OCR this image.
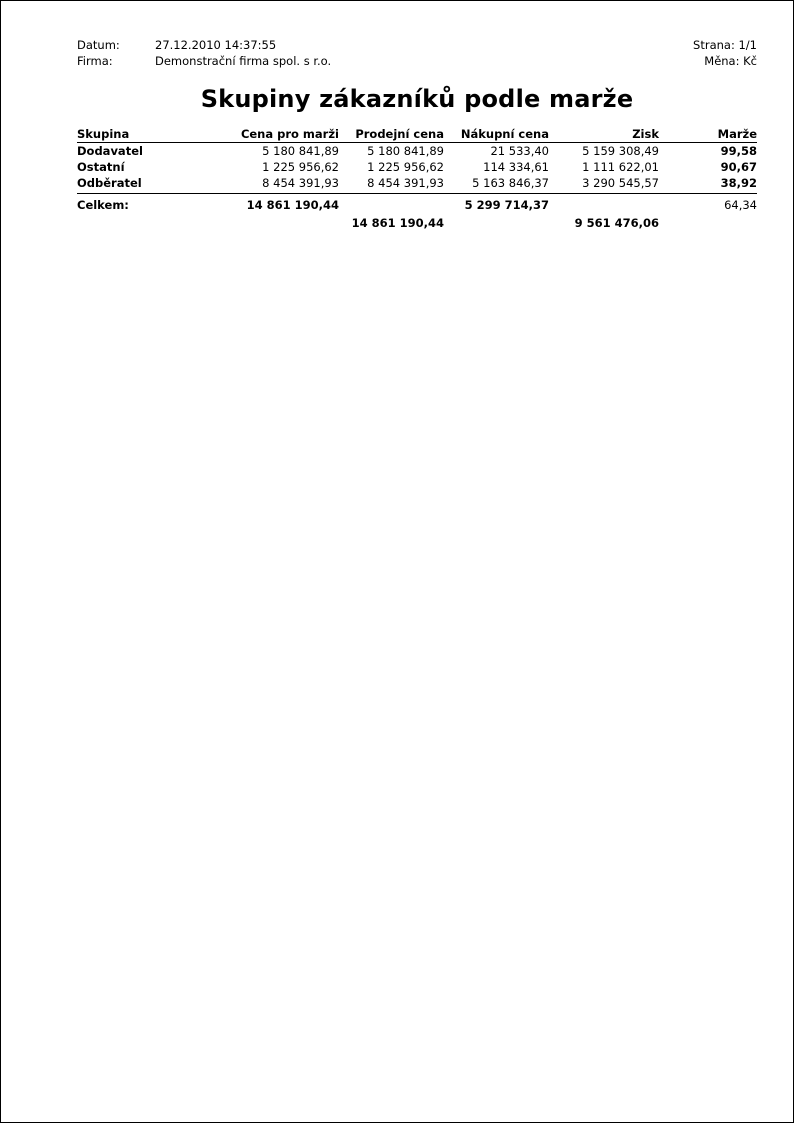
Datum:	27.12.2010 14:37:55	Strana: 1/1
Firma:	Demonstrační firma spol. s r.o.	Měna: Kč
Skupiny zákazníků podle marže
Skupina	Cena pro marži	Prodejní cena	Nákupní cena	Zisk	Marže
Dodavatel	5 180 841,89	5 180 841,89	21 533,40	5 159 308,49	99,58
Ostatní	1 225 956,62	1 225 956,62	114 334,61	1 111 622,01	90,67
Odběratel	8 454 391,93	8 454 391,93	5 163 846,37	3 290 545,57	38,92

Celkem:	14 861 190,44		5 299 714,37		64,34
		14 861 190,44		9 561 476,06	
